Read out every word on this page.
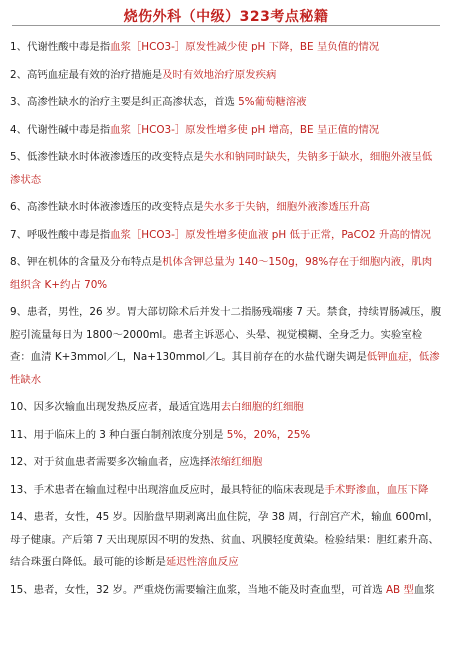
烧伤外科（中级）323考点秘籍
1、代谢性酸中毒是指血浆［HCO3-］原发性减少使 pH 下降，BE 呈负值的情况
2、高钙血症最有效的治疗措施是及时有效地治疗原发疾病
3、高渗性缺水的治疗主要是纠正高渗状态，首选 5%葡萄糖溶液
4、代谢性碱中毒是指血浆［HCO3-］原发性增多使 pH 增高，BE 呈正值的情况
5、低渗性缺水时体液渗透压的改变特点是失水和钠同时缺失，失钠多于缺水，细胞外液呈低渗状态
6、高渗性缺水时体液渗透压的改变特点是失水多于失钠，细胞外液渗透压升高
7、呼吸性酸中毒是指血浆［HCO3-］原发性增多使血液 pH 低于正常，PaCO2 升高的情况
8、钾在机体的含量及分布特点是机体含钾总量为 140～150g，98%存在于细胞内液，肌肉组织含 K+约占 70%
9、患者，男性，26 岁。胃大部切除术后并发十二指肠残端瘘 7 天。禁食，持续胃肠减压，腹腔引流量每日为 1800～2000ml。患者主诉恶心、头晕、视觉模糊、全身乏力。实验室检查：血清 K+3mmol／L，Na+130mmol／L。其目前存在的水盐代谢失调是低钾血症，低渗性缺水
10、因多次输血出现发热反应者，最适宜选用去白细胞的红细胞
11、用于临床上的 3 种白蛋白制剂浓度分别是 5%，20%，25%
12、对于贫血患者需要多次输血者，应选择浓缩红细胞
13、手术患者在输血过程中出现溶血反应时，最具特征的临床表现是手术野渗血，血压下降
14、患者，女性，45 岁。因胎盘早期剥离出血住院，孕 38 周，行剖宫产术，输血 600ml，母子健康。产后第 7 天出现原因不明的发热、贫血、巩膜轻度黄染。检验结果：胆红素升高、结合珠蛋白降低。最可能的诊断是延迟性溶血反应
15、患者，女性，32 岁。严重烧伤需要输注血浆，当地不能及时查血型，可首选 AB 型血浆
